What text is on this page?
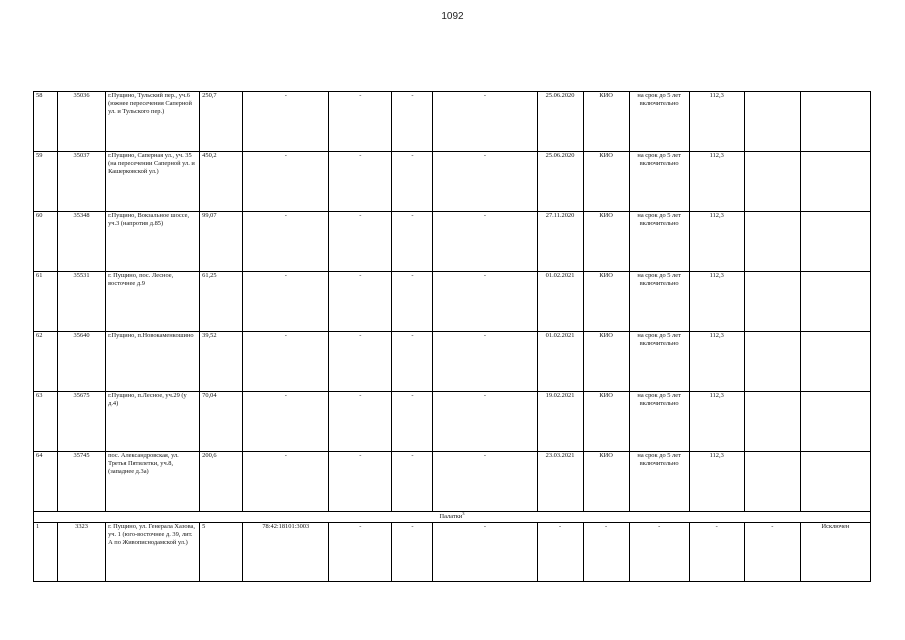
1092
58	35036	г.Пущино, Тульский пер., уч.6 (южнее пересечения Саперной ул. и Тульского пер.)	250,7	-	-	-	-	25.06.2020	КИО	на срок до 5 лет включительно	112,3		
59	35037	г.Пущино, Саперная ул., уч. 35 (на пересечении Саперной ул. и Кашерковской ул.)	450,2	-	-	-	-	25.06.2020	КИО	на срок до 5 лет включительно	112,3		
60	35348	г.Пущино, Вокзальное шоссе, уч.3 (напротив д.85)	99,07	-	-	-	-	27.11.2020	КИО	на срок до 5 лет включительно	112,3		
61	35531	г. Пущино, пос. Лесное, восточнее д.9	61,25	-	-	-	-	01.02.2021	КИО	на срок до 5 лет включительно	112,3		
62	35640	г.Пущино, п.Новокаменкошино	39,52	-	-	-	-	01.02.2021	КИО	на срок до 5 лет включительно	112,3		
63	35675	г.Пущино, п.Лесное, уч.29 (у д.4)	70,04	-	-	-	-	19.02.2021	КИО	на срок до 5 лет включительно	112,3		
64	35745	пос. Александровская, ул. Третья Пятилетки, уч.8, (западнее д.3а)	200,6	-	-	-	-	23.03.2021	КИО	на срок до 5 лет включительно	112,3		
Палатки$^3$
1	3323	г. Пущино, ул. Генерала Хазова, уч. 1 (юго-восточнее д. 39, лит. А по Живописнодамской ул.)	5	78:42:18101:3003	-	-	-	-	-	-	-	-	Исключен
